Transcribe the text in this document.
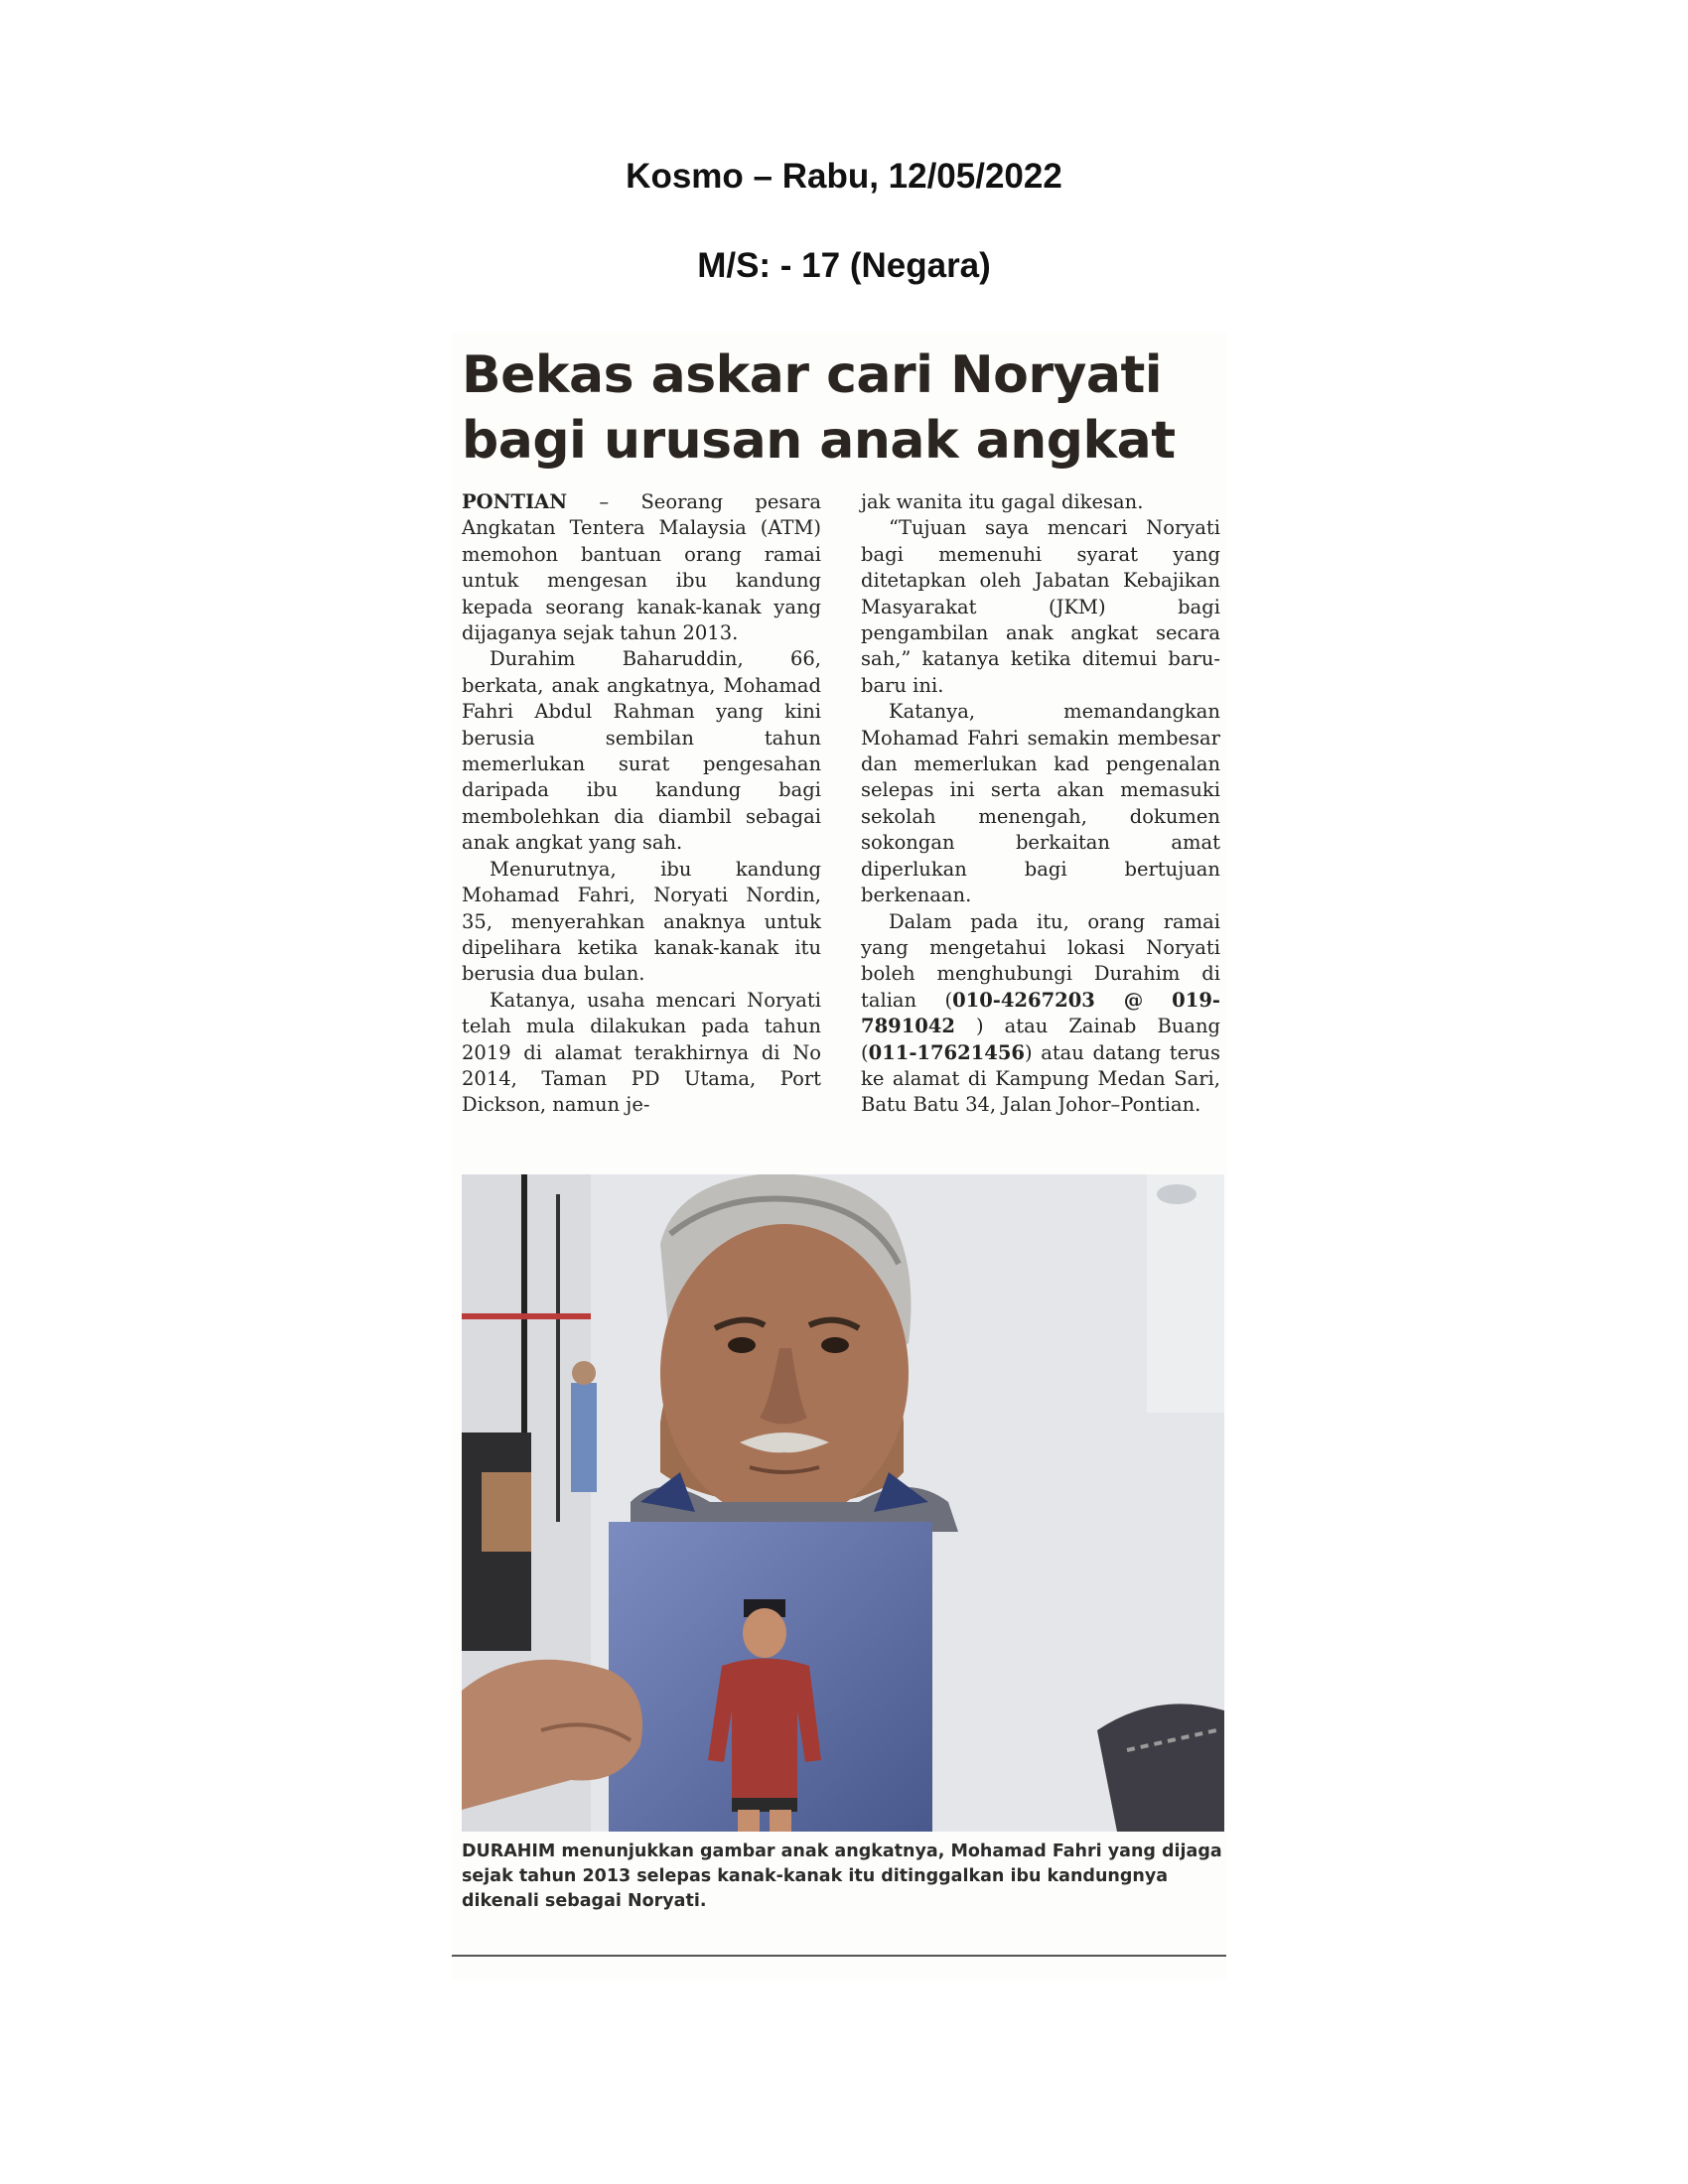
Kosmo – Rabu, 12/05/2022
M/S: - 17 (Negara)
Bekas askar cari Noryati
bagi urusan anak angkat

PONTIAN – Seorang pesara Angkatan Tentera Malaysia (ATM) memohon bantuan orang ramai untuk mengesan ibu kandung kepada seorang kanak-kanak yang dijaganya sejak tahun 2013.

Durahim Baharuddin, 66, berkata, anak angkatnya, Mohamad Fahri Abdul Rahman yang kini berusia sembilan tahun memerlukan surat pengesahan daripada ibu kandung bagi membolehkan dia diambil sebagai anak angkat yang sah.

Menurutnya, ibu kandung Mohamad Fahri, Noryati Nordin, 35, menyerahkan anaknya untuk dipelihara ketika kanak-kanak itu berusia dua bulan.

Katanya, usaha mencari Noryati telah mula dilakukan pada tahun 2019 di alamat terakhirnya di No 2014, Taman PD Utama, Port Dickson, namun je-

jak wanita itu gagal dikesan.

“Tujuan saya mencari Noryati bagi memenuhi syarat yang ditetapkan oleh Jabatan Kebajikan Masyarakat (JKM) bagi pengambilan anak angkat secara sah,” katanya ketika ditemui baru-baru ini.

Katanya, memandangkan Mohamad Fahri semakin membesar dan memerlukan kad pengenalan selepas ini serta akan memasuki sekolah menengah, dokumen sokongan berkaitan amat diperlukan bagi bertujuan berkenaan.

Dalam pada itu, orang ramai yang mengetahui lokasi Noryati boleh menghubungi Durahim di talian (010-4267203 @ 019-7891042 ) atau Zainab Buang (011-17621456) atau datang terus ke alamat di Kampung Medan Sari, Batu Batu 34, Jalan Johor–Pontian.

DURAHIM menunjukkan gambar anak angkatnya, Mohamad Fahri yang dijaga sejak tahun 2013 selepas kanak-kanak itu ditinggalkan ibu kandungnya dikenali sebagai Noryati.
